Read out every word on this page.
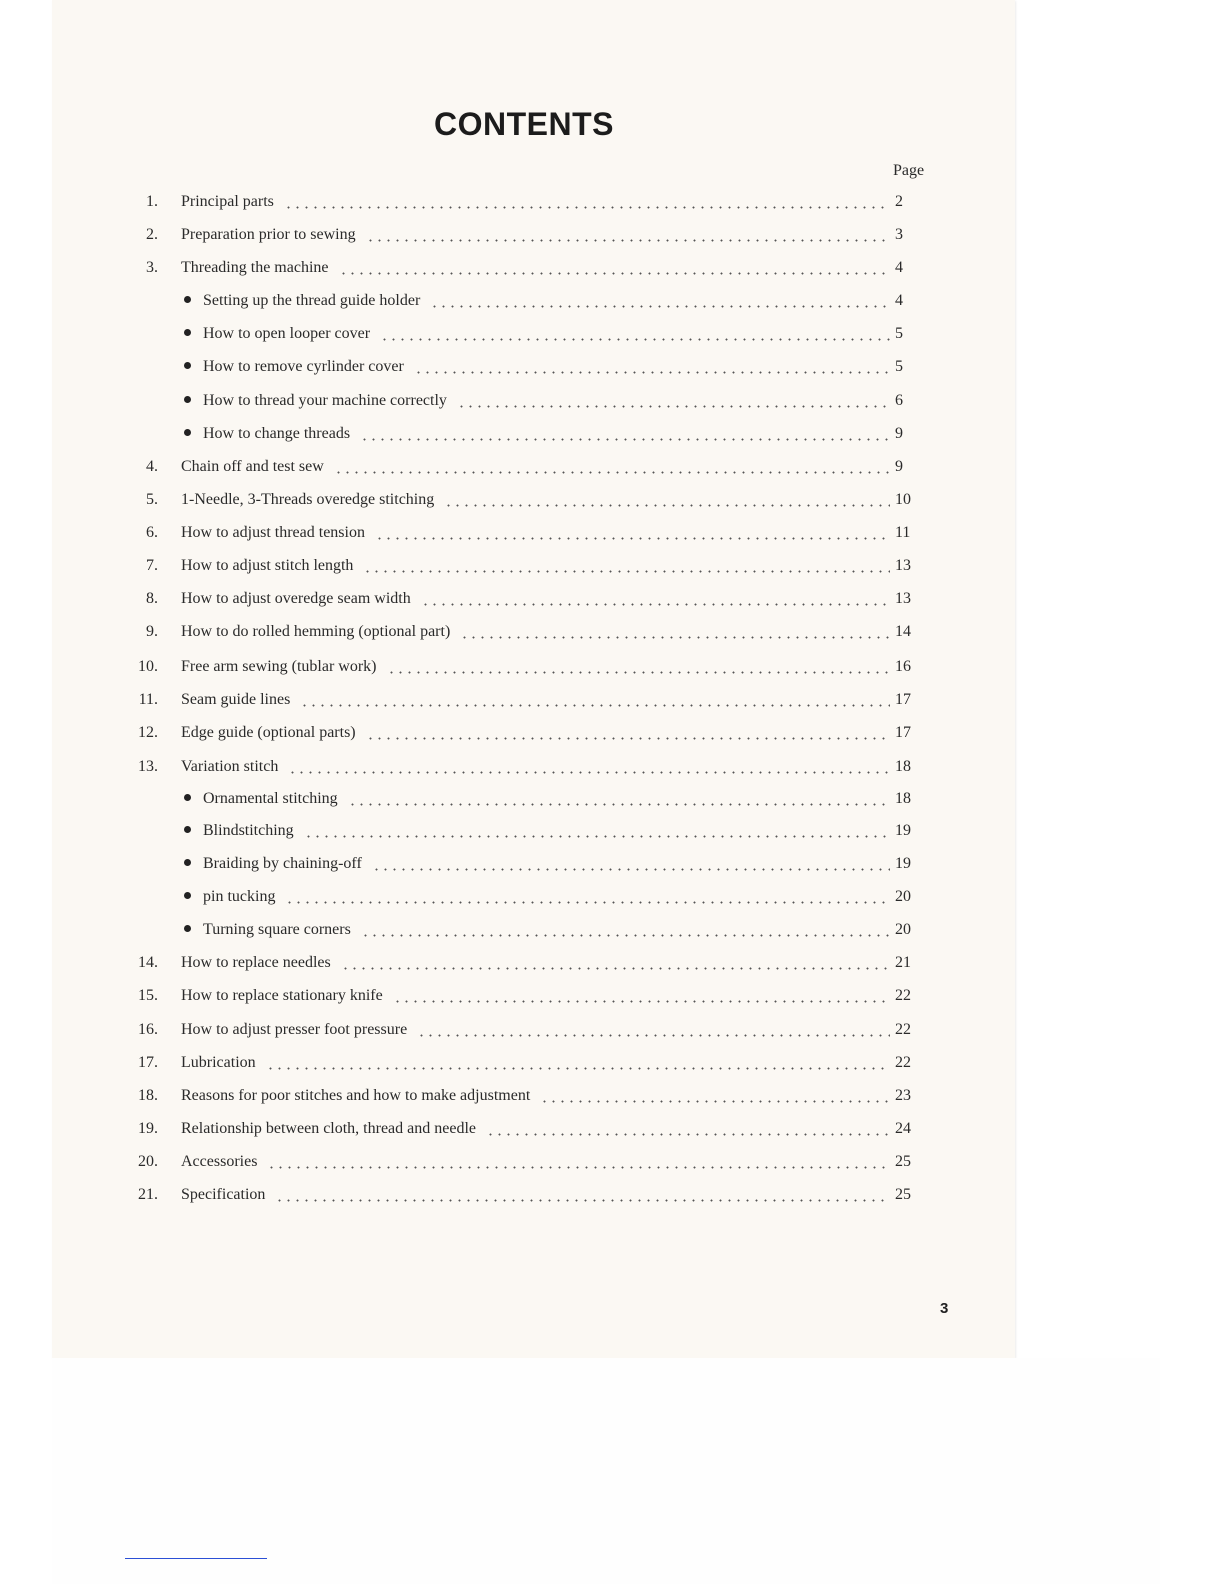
CONTENTS
Page
1. Principal parts	2
2. Preparation prior to sewing	3
3. Threading the machine	4
Setting up the thread guide holder	4
How to open looper cover	5
How to remove cyrlinder cover	5
How to thread your machine correctly	6
How to change threads	9
4. Chain off and test sew	9
5. 1-Needle, 3-Threads overedge stitching	10
6. How to adjust thread tension	11
7. How to adjust stitch length	13
8. How to adjust overedge seam width	13
9. How to do rolled hemming (optional part)	14
10. Free arm sewing (tublar work)	16
11. Seam guide lines	17
12. Edge guide (optional parts)	17
13. Variation stitch	18
Ornamental stitching	18
Blindstitching	19
Braiding by chaining-off	19
pin tucking	20
Turning square corners	20
14. How to replace needles	21
15. How to replace stationary knife	22
16. How to adjust presser foot pressure	22
17. Lubrication	22
18. Reasons for poor stitches and how to make adjustment	23
19. Relationship between cloth, thread and needle	24
20. Accessories	25
21. Specification	25
3
